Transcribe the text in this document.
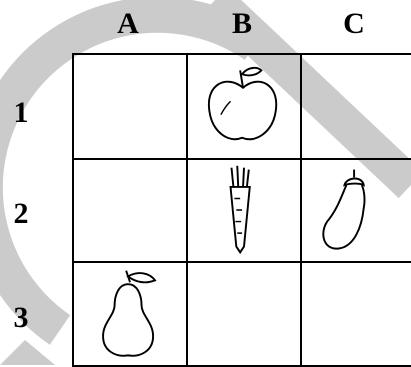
A	B	C
1
2
3
